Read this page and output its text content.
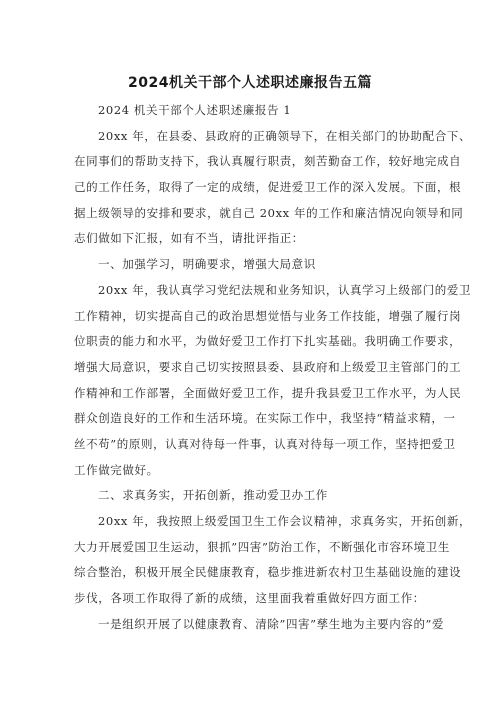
2024机关干部个人述职述廉报告五篇
2024 机关干部个人述职述廉报告 1
20xx 年，在县委、县政府的正确领导下，在相关部门的协助配合下、
在同事们的帮助支持下，我认真履行职责，刻苦勤奋工作，较好地完成自
己的工作任务，取得了一定的成绩，促进爱卫工作的深入发展。下面，根
据上级领导的安排和要求，就自己 20xx 年的工作和廉洁情况向领导和同
志们做如下汇报，如有不当，请批评指正：
一、加强学习，明确要求，增强大局意识
20xx 年，我认真学习党纪法规和业务知识，认真学习上级部门的爱卫
工作精神，切实提高自己的政治思想觉悟与业务工作技能，增强了履行岗
位职责的能力和水平，为做好爱卫工作打下扎实基础。我明确工作要求，
增强大局意识，要求自己切实按照县委、县政府和上级爱卫主管部门的工
作精神和工作部署，全面做好爱卫工作，提升我县爱卫工作水平，为人民
群众创造良好的工作和生活环境。在实际工作中，我坚持“精益求精，一
丝不苟”的原则，认真对待每一件事，认真对待每一项工作，坚持把爱卫
工作做完做好。
二、求真务实，开拓创新，推动爱卫办工作
20xx 年，我按照上级爱国卫生工作会议精神，求真务实，开拓创新，
大力开展爱国卫生运动，狠抓”四害”防治工作，不断强化市容环境卫生
综合整治，积极开展全民健康教育，稳步推进新农村卫生基础设施的建设
步伐，各项工作取得了新的成绩，这里面我着重做好四方面工作：
一是组织开展了以健康教育、清除”四害”孳生地为主要内容的”爱
